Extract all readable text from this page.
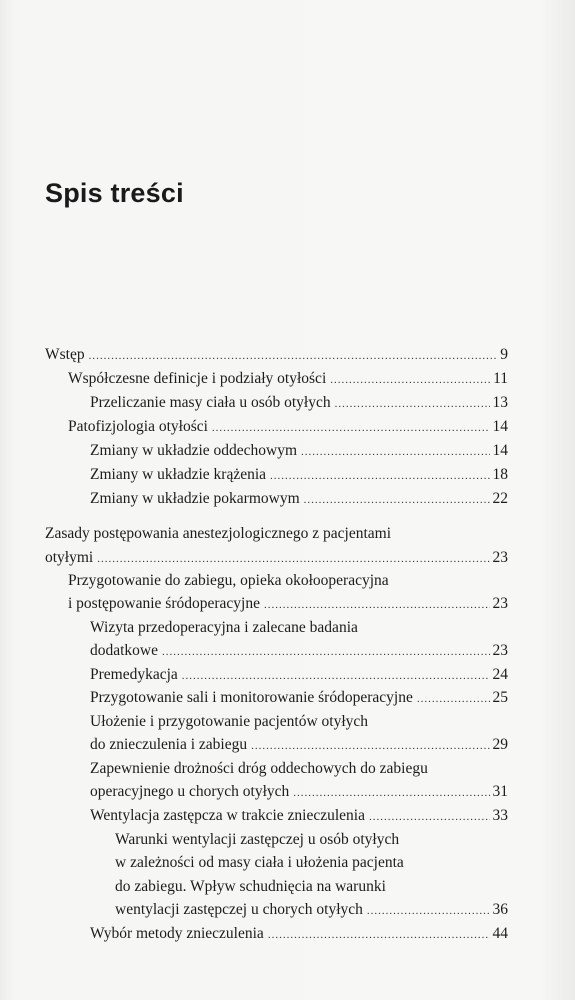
Spis treści
Wstęp .....	9
Współczesne definicje i podziały otyłości .....	11
Przeliczanie masy ciała u osób otyłych .....	13
Patofizjologia otyłości .....	14
Zmiany w układzie oddechowym .....	14
Zmiany w układzie krążenia .....	18
Zmiany w układzie pokarmowym .....	22
Zasady postępowania anestezjologicznego z pacjentami
otyłymi .....	23
Przygotowanie do zabiegu, opieka okołooperacyjna
i postępowanie śródoperacyjne .....	23
Wizyta przedoperacyjna i zalecane badania
dodatkowe .....	23
Premedykacja .....	24
Przygotowanie sali i monitorowanie śródoperacyjne .....	25
Ułożenie i przygotowanie pacjentów otyłych
do znieczulenia i zabiegu .....	29
Zapewnienie drożności dróg oddechowych do zabiegu
operacyjnego u chorych otyłych .....	31
Wentylacja zastępcza w trakcie znieczulenia .....	33
Warunki wentylacji zastępczej u osób otyłych
w zależności od masy ciała i ułożenia pacjenta
do zabiegu. Wpływ schudnięcia na warunki
wentylacji zastępczej u chorych otyłych .....	36
Wybór metody znieczulenia .....	44
